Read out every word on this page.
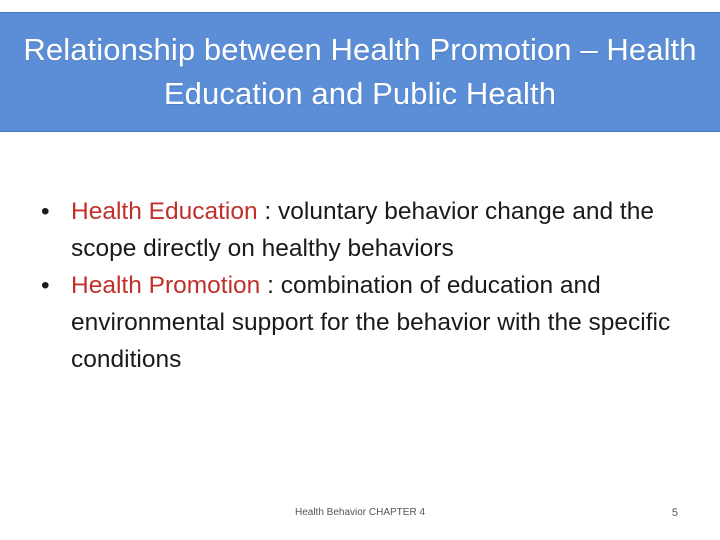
Relationship between Health Promotion – Health Education and Public Health
• Health Education : voluntary behavior change and the scope directly on healthy behaviors
• Health Promotion : combination of education and environmental support for the behavior with the specific conditions
Health Behavior CHAPTER 4	5
